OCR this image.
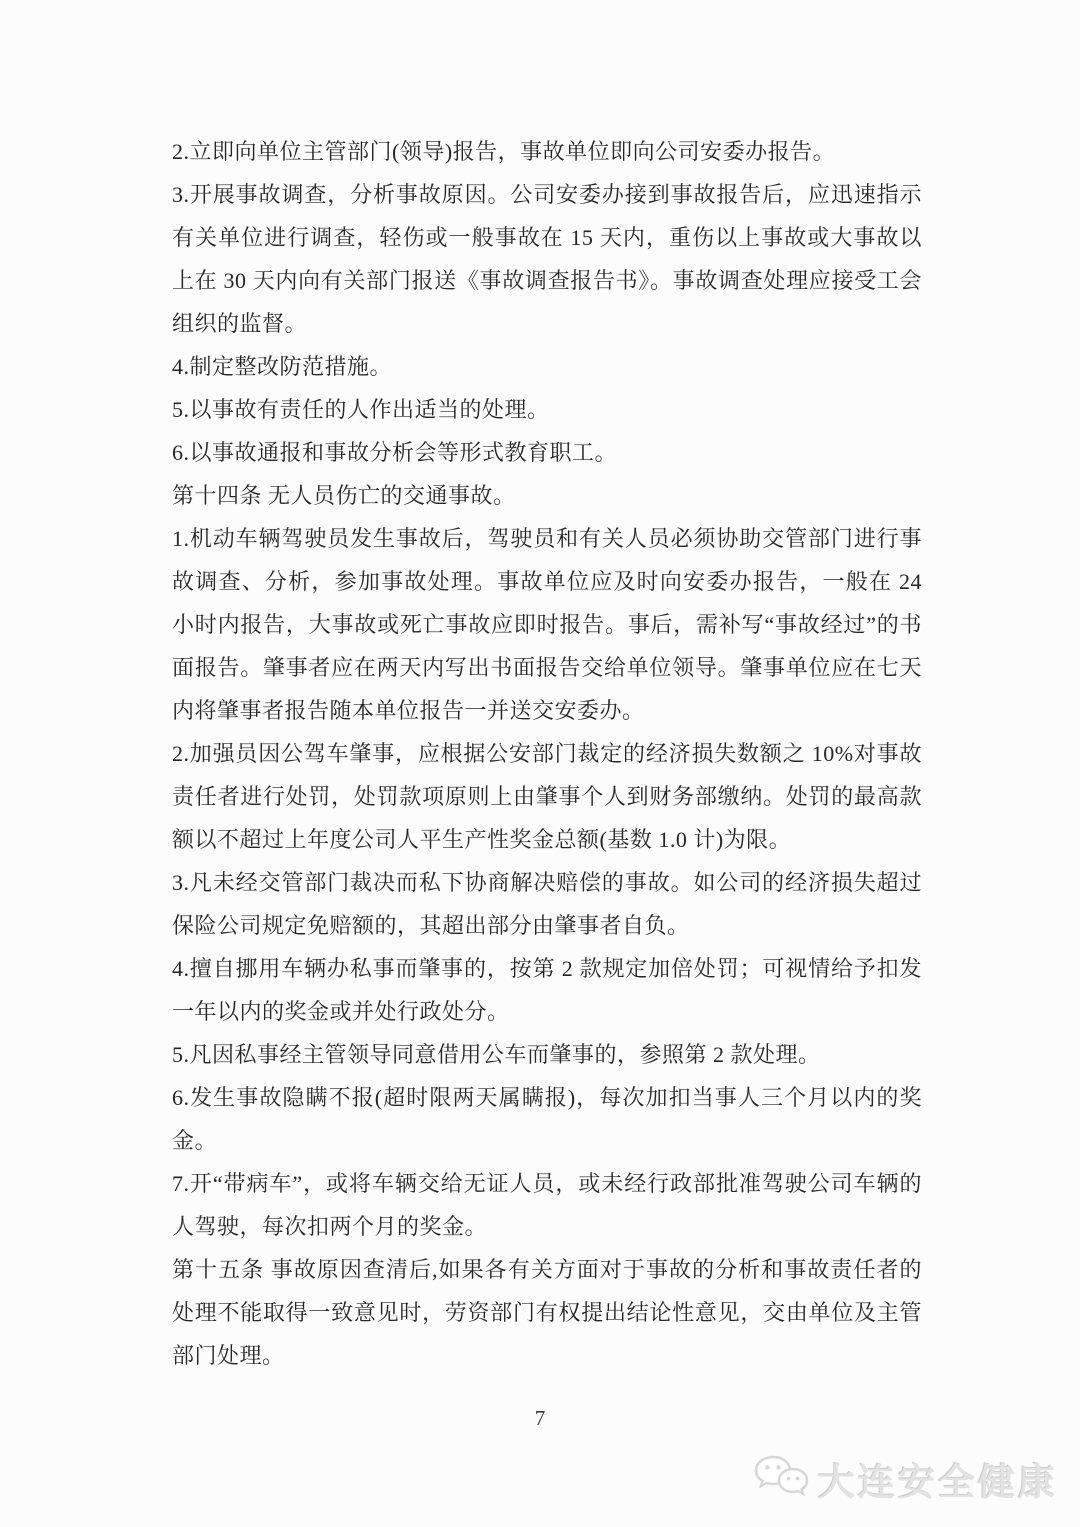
2.立即向单位主管部门(领导)报告，事故单位即向公司安委办报告。

3.开展事故调查，分析事故原因。公司安委办接到事故报告后，应迅速指示有关单位进行调查，轻伤或一般事故在 15 天内，重伤以上事故或大事故以上在 30 天内向有关部门报送《事故调查报告书》。事故调查处理应接受工会组织的监督。

4.制定整改防范措施。

5.以事故有责任的人作出适当的处理。

6.以事故通报和事故分析会等形式教育职工。

第十四条 无人员伤亡的交通事故。

1.机动车辆驾驶员发生事故后，驾驶员和有关人员必须协助交管部门进行事故调查、分析，参加事故处理。事故单位应及时向安委办报告，一般在 24 小时内报告，大事故或死亡事故应即时报告。事后，需补写“事故经过”的书面报告。肇事者应在两天内写出书面报告交给单位领导。肇事单位应在七天内将肇事者报告随本单位报告一并送交安委办。

2.加强员因公驾车肇事，应根据公安部门裁定的经济损失数额之 10%对事故责任者进行处罚，处罚款项原则上由肇事个人到财务部缴纳。处罚的最高款额以不超过上年度公司人平生产性奖金总额(基数 1.0 计)为限。

3.凡未经交管部门裁决而私下协商解决赔偿的事故。如公司的经济损失超过保险公司规定免赔额的，其超出部分由肇事者自负。

4.擅自挪用车辆办私事而肇事的，按第 2 款规定加倍处罚；可视情给予扣发一年以内的奖金或并处行政处分。

5.凡因私事经主管领导同意借用公车而肇事的，参照第 2 款处理。

6.发生事故隐瞒不报(超时限两天属瞒报)，每次加扣当事人三个月以内的奖金。

7.开“带病车”，或将车辆交给无证人员，或未经行政部批准驾驶公司车辆的人驾驶，每次扣两个月的奖金。

第十五条 事故原因查清后,如果各有关方面对于事故的分析和事故责任者的处理不能取得一致意见时，劳资部门有权提出结论性意见，交由单位及主管部门处理。

7
大连安全健康
